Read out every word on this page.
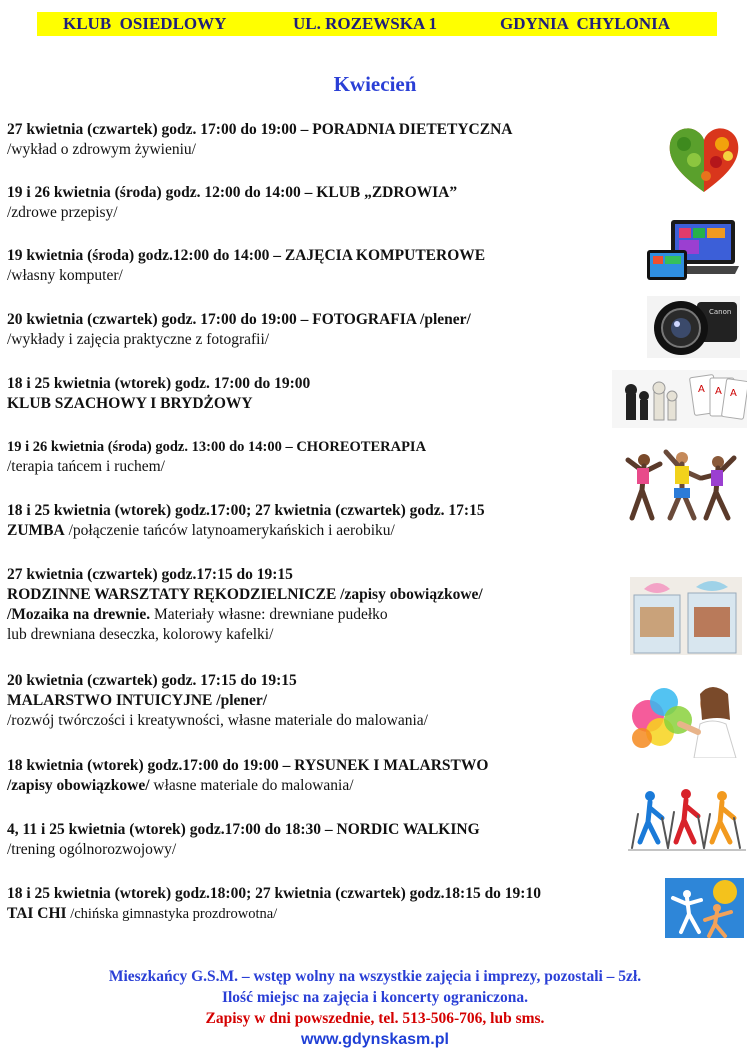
KLUB  OSIEDLOWY	UL. ROZEWSKA 1	GDYNIA  CHYLONIA
Kwiecień
27 kwietnia (czwartek) godz. 17:00 do 19:00 – PORADNIA DIETETYCZNA
/wykład o zdrowym żywieniu/
19 i 26 kwietnia (środa) godz. 12:00 do 14:00 – KLUB „ZDROWIA”
/zdrowe przepisy/
19 kwietnia (środa) godz.12:00 do 14:00 – ZAJĘCIA KOMPUTEROWE
/własny komputer/
20 kwietnia (czwartek) godz. 17:00 do 19:00 – FOTOGRAFIA /plener/
/wykłady i zajęcia praktyczne z fotografii/
18 i 25 kwietnia (wtorek) godz. 17:00 do 19:00
KLUB SZACHOWY I BRYDŻOWY
19 i 26 kwietnia (środa) godz. 13:00 do 14:00 – CHOREOTERAPIA
/terapia tańcem i ruchem/
18 i 25 kwietnia (wtorek) godz.17:00; 27 kwietnia (czwartek) godz. 17:15
ZUMBA /połączenie tańców latynoamerykańskich i aerobiku/
27 kwietnia (czwartek) godz.17:15 do 19:15
RODZINNE WARSZTATY RĘKODZIELNICZE /zapisy obowiązkowe/
/Mozaika na drewnie. Materiały własne: drewniane pudełko
lub drewniana deseczka, kolorowy kafelki/
20 kwietnia (czwartek) godz. 17:15 do 19:15
MALARSTWO INTUICYJNE /plener/
/rozwój twórczości i kreatywności, własne materiale do malowania/
18 kwietnia (wtorek) godz.17:00 do 19:00 – RYSUNEK I MALARSTWO
/zapisy obowiązkowe/ własne materiale do malowania/
4, 11 i 25 kwietnia (wtorek) godz.17:00 do 18:30 – NORDIC WALKING
/trening ogólnorozwojowy/
18 i 25 kwietnia (wtorek) godz.18:00; 27 kwietnia (czwartek) godz.18:15 do 19:10
TAI CHI /chińska gimnastyka prozdrowotna/
Canon
A A A
Mieszkańcy G.S.M. – wstęp wolny na wszystkie zajęcia i imprezy, pozostali – 5zł.
Ilość miejsc na zajęcia i koncerty ograniczona.
Zapisy w dni powszednie, tel. 513-506-706, lub sms.
www.gdynskasm.pl
